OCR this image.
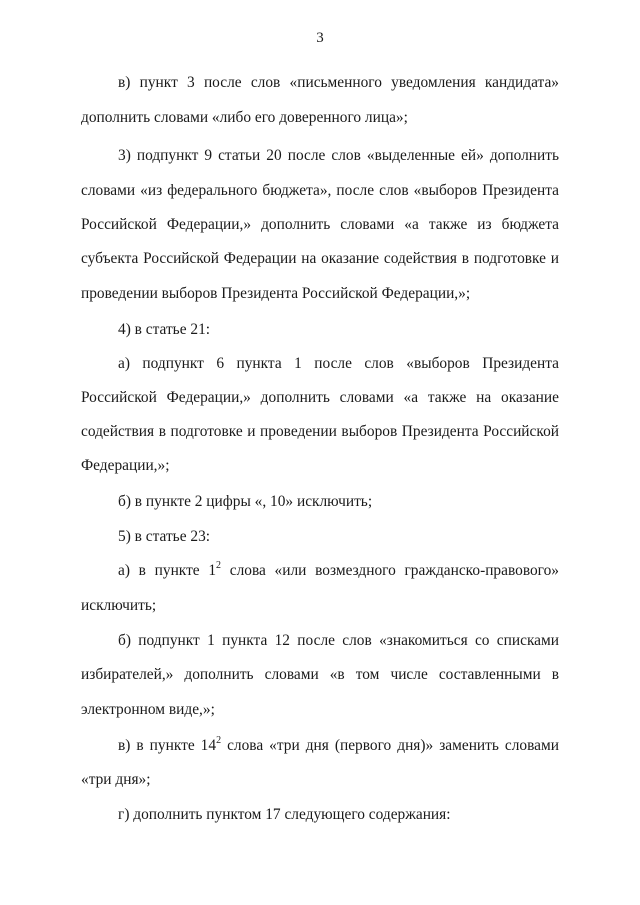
3
в) пункт 3 после слов «письменного уведомления кандидата»
дополнить словами «либо его доверенного лица»;
3) подпункт 9 статьи 20 после слов «выделенные ей» дополнить
словами «из федерального бюджета», после слов «выборов Президента
Российской Федерации,» дополнить словами «а также из бюджета
субъекта Российской Федерации на оказание содействия в подготовке и
проведении выборов Президента Российской Федерации,»;
4) в статье 21:
а) подпункт 6 пункта 1 после слов «выборов Президента
Российской Федерации,» дополнить словами «а также на оказание
содействия в подготовке и проведении выборов Президента Российской
Федерации,»;
б) в пункте 2 цифры «, 10» исключить;
5) в статье 23:
а) в пункте $1^2$ слова «или возмездного гражданско-правового»
исключить;
б) подпункт 1 пункта 12 после слов «знакомиться со списками
избирателей,» дополнить словами «в том числе составленными в
электронном виде,»;
в) в пункте $14^2$ слова «три дня (первого дня)» заменить словами
«три дня»;
г) дополнить пунктом 17 следующего содержания:
